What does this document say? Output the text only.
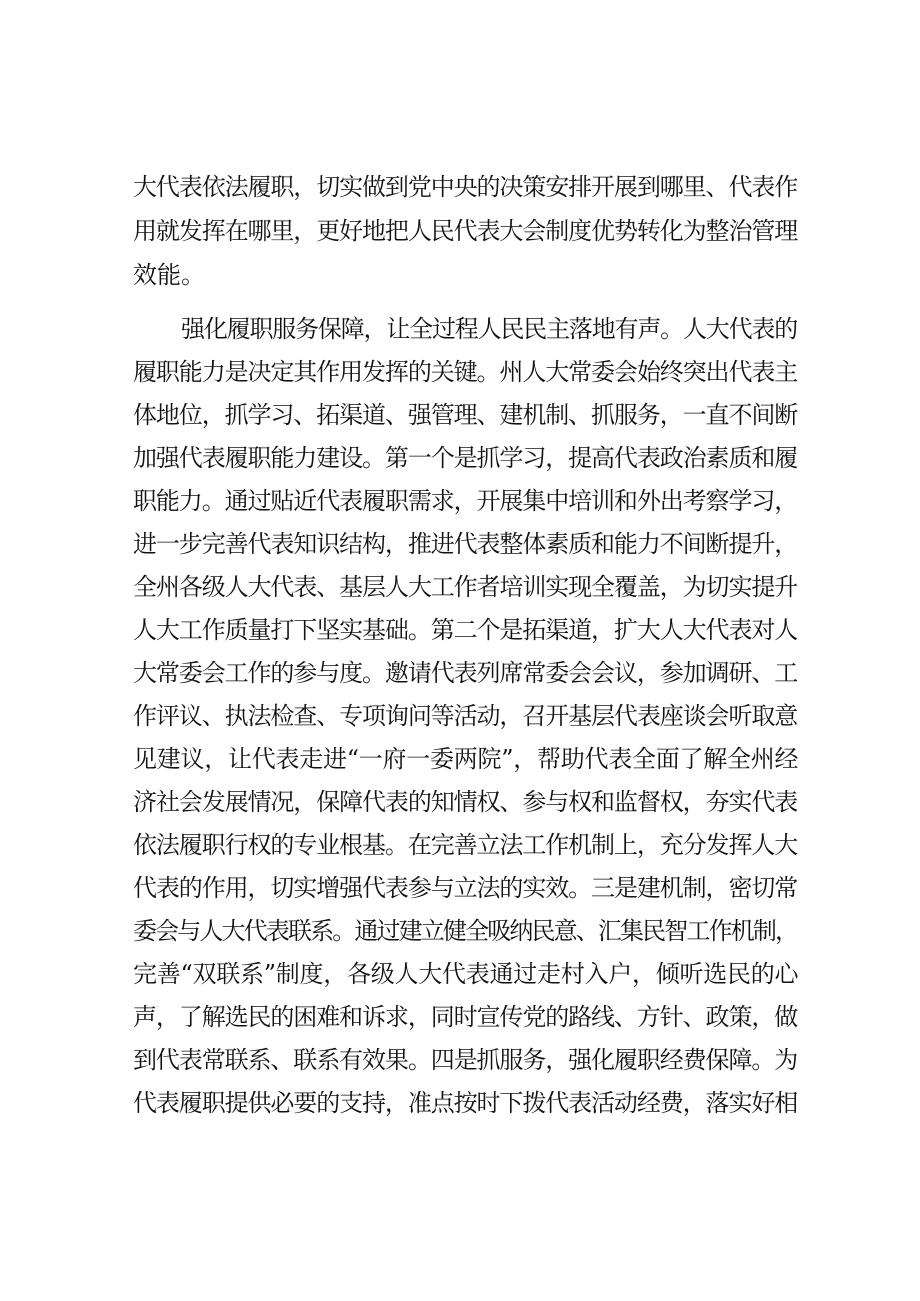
大代表依法履职，切实做到党中央的决策安排开展到哪里、代表作

用就发挥在哪里，更好地把人民代表大会制度优势转化为整治管理

效能。

强化履职服务保障，让全过程人民民主落地有声。人大代表的

履职能力是决定其作用发挥的关键。州人大常委会始终突出代表主

体地位，抓学习、拓渠道、强管理、建机制、抓服务，一直不间断

加强代表履职能力建设。第一个是抓学习，提高代表政治素质和履

职能力。通过贴近代表履职需求，开展集中培训和外出考察学习，

进一步完善代表知识结构，推进代表整体素质和能力不间断提升，

全州各级人大代表、基层人大工作者培训实现全覆盖，为切实提升

人大工作质量打下坚实基础。第二个是拓渠道，扩大人大代表对人

大常委会工作的参与度。邀请代表列席常委会会议，参加调研、工

作评议、执法检查、专项询问等活动，召开基层代表座谈会听取意

见建议，让代表走进“一府一委两院”，帮助代表全面了解全州经

济社会发展情况，保障代表的知情权、参与权和监督权，夯实代表

依法履职行权的专业根基。在完善立法工作机制上，充分发挥人大

代表的作用，切实增强代表参与立法的实效。三是建机制，密切常

委会与人大代表联系。通过建立健全吸纳民意、汇集民智工作机制，

完善“双联系”制度，各级人大代表通过走村入户，倾听选民的心

声，了解选民的困难和诉求，同时宣传党的路线、方针、政策，做

到代表常联系、联系有效果。四是抓服务，强化履职经费保障。为

代表履职提供必要的支持，准点按时下拨代表活动经费，落实好相
